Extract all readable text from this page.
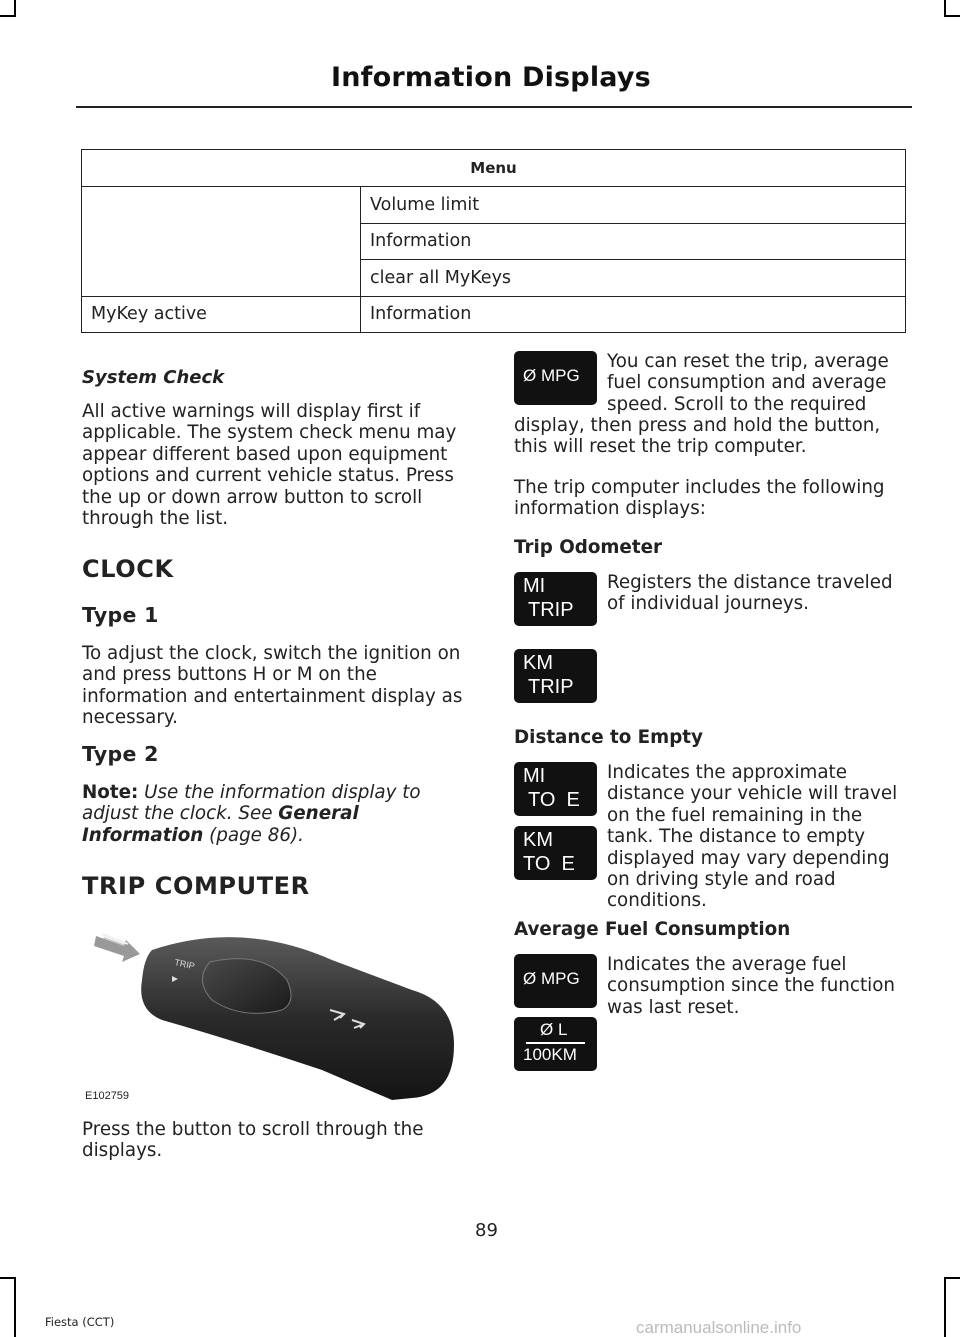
Information Displays
Menu	
	Volume limit
	Information
	clear all MyKeys
MyKey active	Information
System Check
All active warnings will display first if applicable. The system check menu may appear different based upon equipment options and current vehicle status. Press the up or down arrow button to scroll through the list.
CLOCK
Type 1
To adjust the clock, switch the ignition on and press buttons H or M on the information and entertainment display as necessary.
Type 2
Note: Use the information display to adjust the clock. See General Information (page 86).
TRIP COMPUTER
TRIP
E102759
Press the button to scroll through the displays.
Ø MPG
You can reset the trip, average fuel consumption and average speed. Scroll to the required
display, then press and hold the button, this will reset the trip computer.
The trip computer includes the following information displays:
Trip Odometer
MI
TRIP
Registers the distance traveled of individual journeys.
KM
TRIP
Distance to Empty
MI
TO  E
Indicates the approximate distance your vehicle will travel on the fuel remaining in the tank. The distance to empty displayed may vary depending on driving style and road conditions.
KM
TO  E
Average Fuel Consumption
Ø MPG
Indicates the average fuel consumption since the function was last reset.
Ø L
100KM
89
Fiesta (CCT)	carmanualsonline.info
